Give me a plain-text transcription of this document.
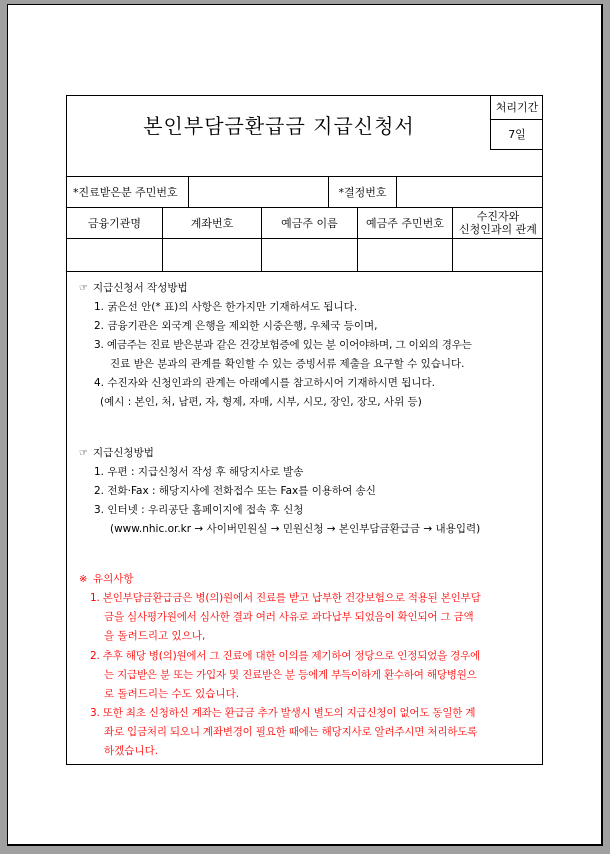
본인부담금환급금 지급신청서
처리기간
7일
*진료받은분 주민번호	*결정번호
금융기관명	계좌번호	예금주 이름	예금주 주민번호	수진자와
신청인과의 관계
☞ 지급신청서 작성방법
1. 굵은선 안(* 표)의 사항은 한가지만 기재하셔도 됩니다.
2. 금융기관은 외국계 은행을 제외한 시중은행, 우체국 등이며,
3. 예금주는 진료 받은분과 같은 건강보험증에 있는 분 이어야하며, 그 이외의 경우는
진료 받은 분과의 관계를 확인할 수 있는 증빙서류 제출을 요구할 수 있습니다.
4. 수진자와 신청인과의 관계는 아래예시를 참고하시어 기재하시면 됩니다.
(예시 : 본인, 처, 남편, 자, 형제, 자매, 시부, 시모, 장인, 장모, 사위 등)
☞ 지급신청방법
1. 우편 : 지급신청서 작성 후 해당지사로 발송
2. 전화·Fax : 해당지사에 전화접수 또는 Fax를 이용하여 송신
3. 인터넷 : 우리공단 홈페이지에 접속 후 신청
(www.nhic.or.kr → 사이버민원실 → 민원신청 → 본인부담금환급금 → 내용입력)
※ 유의사항
1. 본인부담금환급금은 병(의)원에서 진료를 받고 납부한 건강보험으로 적용된 본인부담
금을 심사평가원에서 심사한 결과 여러 사유로 과다납부 되었음이 확인되어 그 금액
을 돌려드리고 있으나,
2. 추후 해당 병(의)원에서 그 진료에 대한 이의를 제기하여 정당으로 인정되었을 경우에
는 지급받은 분 또는 가입자 및 진료받은 분 등에게 부득이하게 환수하여 해당병원으
로 돌려드리는 수도 있습니다.
3. 또한 최초 신청하신 계좌는 환급금 추가 발생시 별도의 지급신청이 없어도 동일한 계
좌로 입금처리 되오니 계좌변경이 필요한 때에는 해당지사로 알려주시면 처리하도록
하겠습니다.
